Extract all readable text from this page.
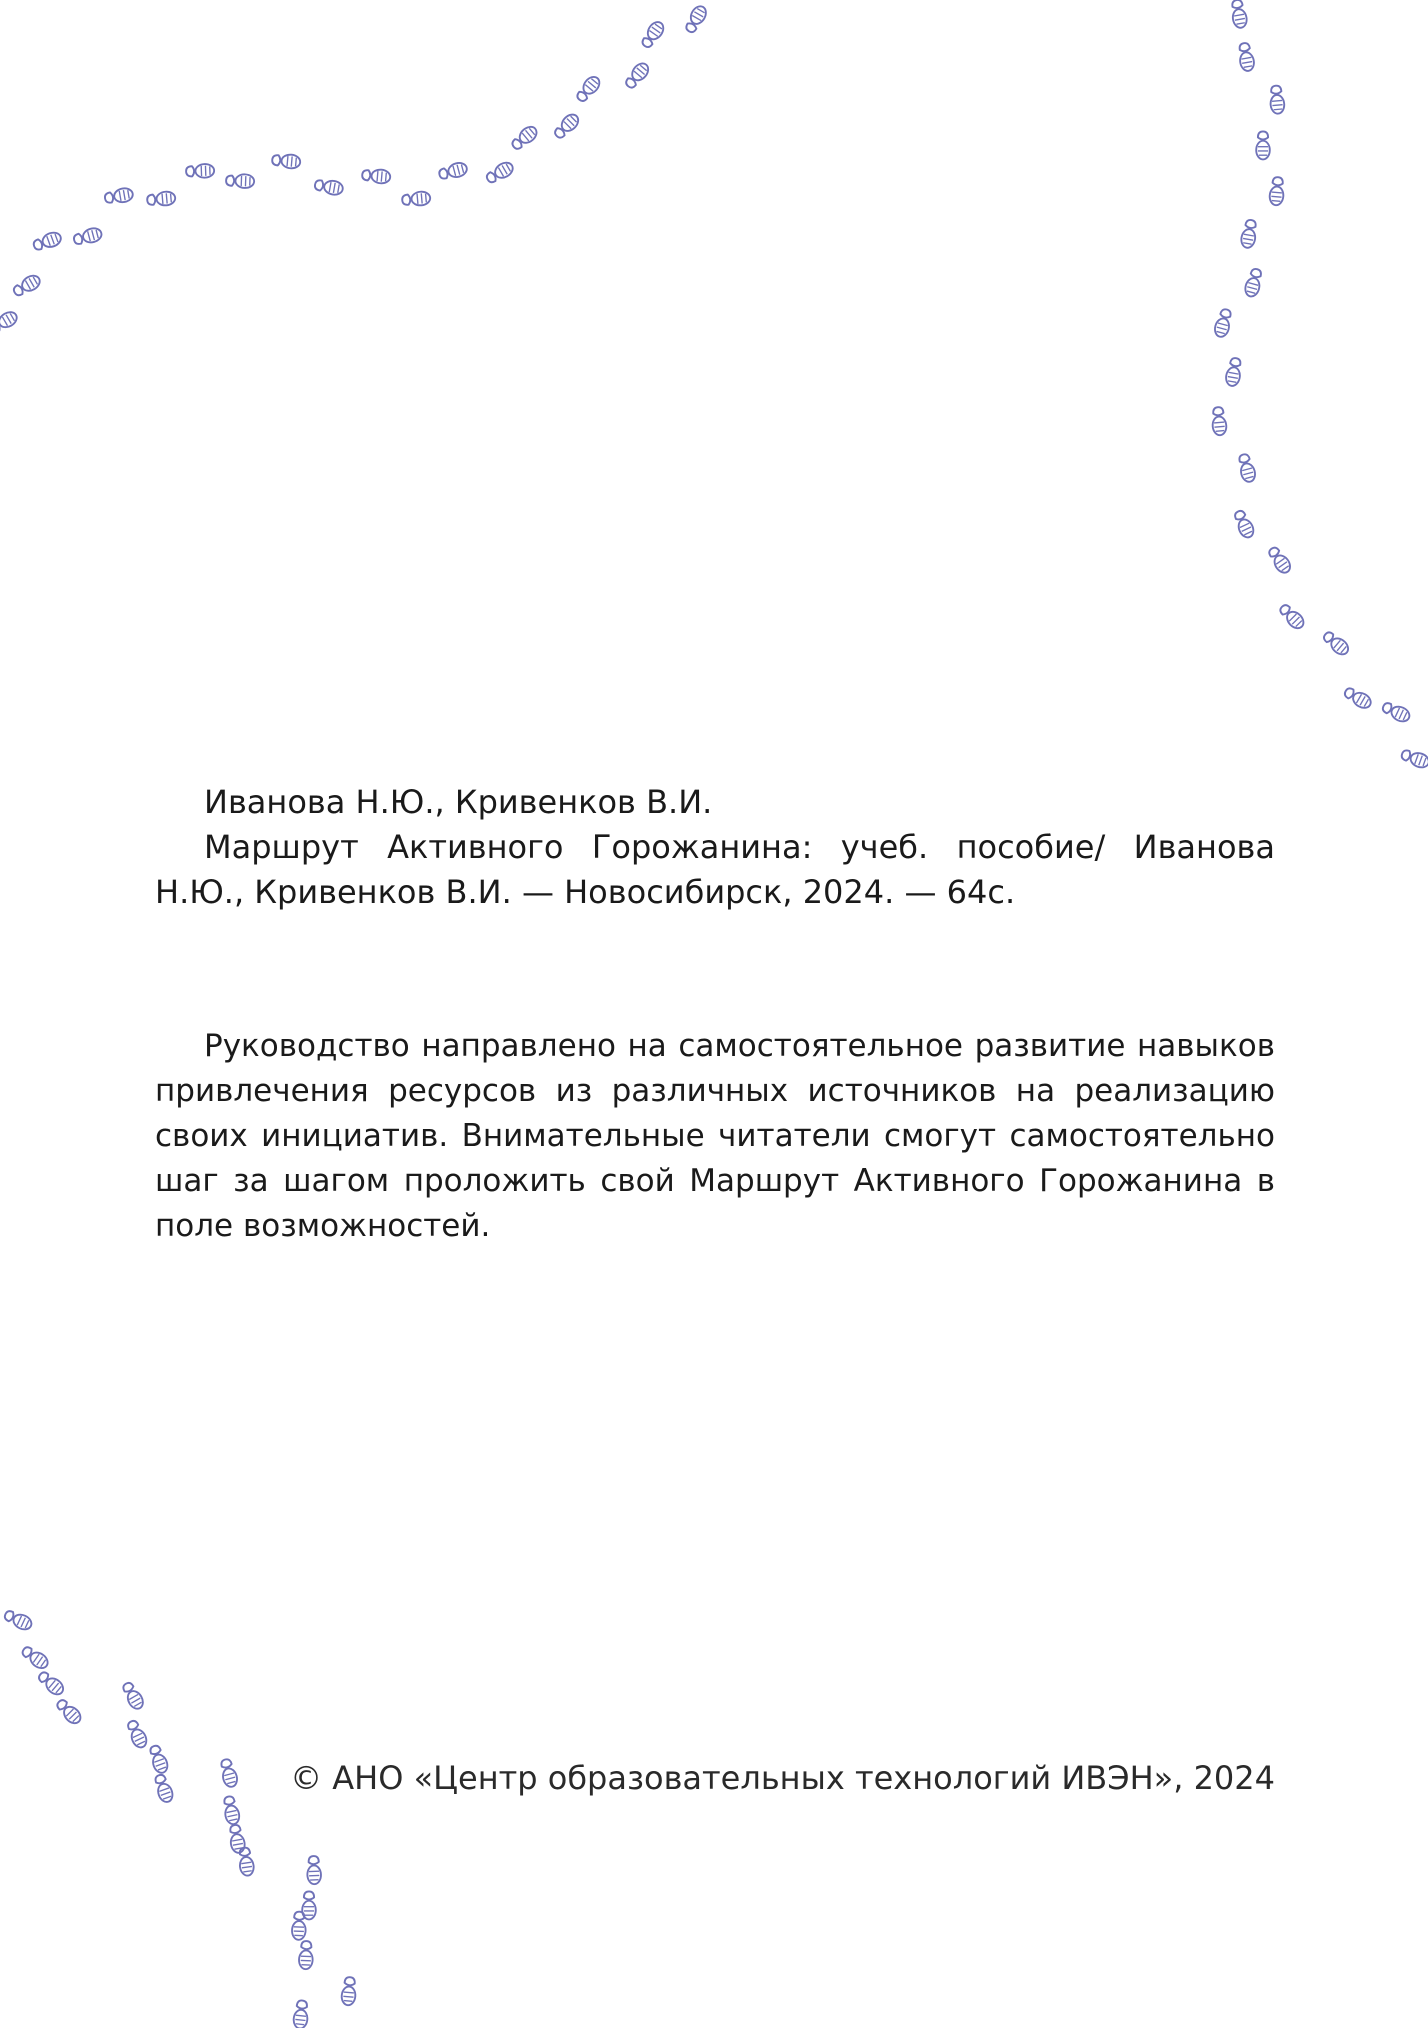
Иванова Н.Ю., Кривенков В.И.

Маршрут Активного Горожанина: учеб. пособие/ Иванова Н.Ю., Кривенков В.И. — Новосибирск, 2024. — 64с.

Руководство направлено на самостоятельное развитие навыков привлечения ресурсов из различных источников на реализацию своих инициатив. Внимательные читатели смогут самостоятельно шаг за шагом проложить свой Маршрут Активного Горожанина в поле возможностей.

© АНО «Центр образовательных технологий ИВЭН», 2024
